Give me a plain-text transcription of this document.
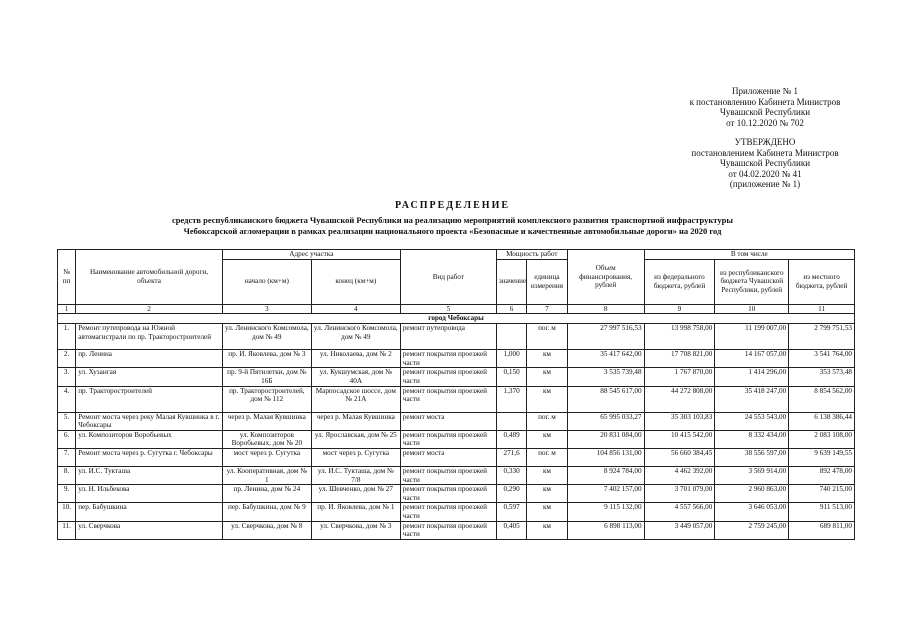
Приложение № 1
к постановлению Кабинета Министров
Чувашской Республики
от 10.12.2020 № 702
УТВЕРЖДЕНО
постановлением Кабинета Министров
Чувашской Республики
от 04.02.2020 № 41
(приложение № 1)
РАСПРЕДЕЛЕНИЕ
средств республиканского бюджета Чувашской Республики на реализацию мероприятий комплексного развития транспортной инфраструктуры
Чебоксарской агломерации в рамках реализации национального проекта «Безопасные и качественные автомобильные дороги» на 2020 год
№ пп	Наименование автомобильной дороги, объекта	Адрес участка		Вид работ	Мощность работ		Объем финансирования, рублей	В том числе		
		начало (км+м)	конец (км+м)		значение	единица измерения		из федерального бюджета, рублей	из республиканского бюджета Чувашской Республики, рублей	из местного бюджета, рублей

1	2	3	4	5	6	7	8	9	10	11
город Чебоксары										
1.	Ремонт путепровода на Южной автомагистрали по пр. Тракторостроителей	ул. Ленинского Комсомола, дом № 49	ул. Ленинского Комсомола, дом № 49	ремонт путепровода		пог. м	27 997 516,53	13 998 758,00	11 199 007,00	2 799 751,53
2.	пр. Ленина	пр. И. Яковлева, дом № 3	ул. Николаева, дом № 2	ремонт покрытия проезжей части	1,000	км	35 417 642,00	17 708 821,00	14 167 057,00	3 541 764,00
3.	ул. Хузангая	пр. 9-й Пятилетки, дом № 16Б	ул. Кукшумская, дом № 40А	ремонт покрытия проезжей части	0,150	км	3 535 739,48	1 767 870,00	1 414 296,00	353 573,48
4.	пр. Тракторостроителей	пр. Тракторостроителей, дом № 112	Марпосадское шоссе, дом № 21А	ремонт покрытия проезжей части	1,370	км	88 545 617,00	44 272 808,00	35 418 247,00	8 854 562,00
5.	Ремонт моста через реку Малая Кувшинка в г. Чебоксары	через р. Малая Кувшинка	через р. Малая Кувшинка	ремонт моста		пог. м	65 995 033,27	35 303 103,83	24 553 543,00	6 138 386,44
6.	ул. Композиторов Воробьевых	ул. Композиторов Воробьевых, дом № 20	ул. Ярославская, дом № 25	ремонт покрытия проезжей части	0,489	км	20 831 084,00	10 415 542,00	8 332 434,00	2 083 108,00
7.	Ремонт моста через р. Сугутка г. Чебоксары	мост через р. Сугутка	мост через р. Сугутка	ремонт моста	271,6	пог. м	104 856 131,00	56 660 384,45	38 556 597,00	9 639 149,55
8.	ул. И.С. Тукташа	ул. Кооперативная, дом № 1	ул. И.С. Тукташа, дом № 7/8	ремонт покрытия проезжей части	0,330	км	8 924 784,00	4 462 392,00	3 569 914,00	892 478,00
9.	ул. Н. Ильбекова	пр. Ленина, дом № 24	ул. Шевченко, дом № 27	ремонт покрытия проезжей части	0,290	км	7 402 157,00	3 701 079,00	2 960 863,00	740 215,00
10.	пер. Бабушкина	пер. Бабушкина, дом № 9	пр. И. Яковлева, дом № 1	ремонт покрытия проезжей части	0,597	км	9 115 132,00	4 557 566,00	3 646 053,00	911 513,00
11.	ул. Сверчкова	ул. Сверчкова, дом № 8	ул. Сверчкова, дом № 3	ремонт покрытия проезжей части	0,405	км	6 898 113,00	3 449 057,00	2 759 245,00	689 811,00
